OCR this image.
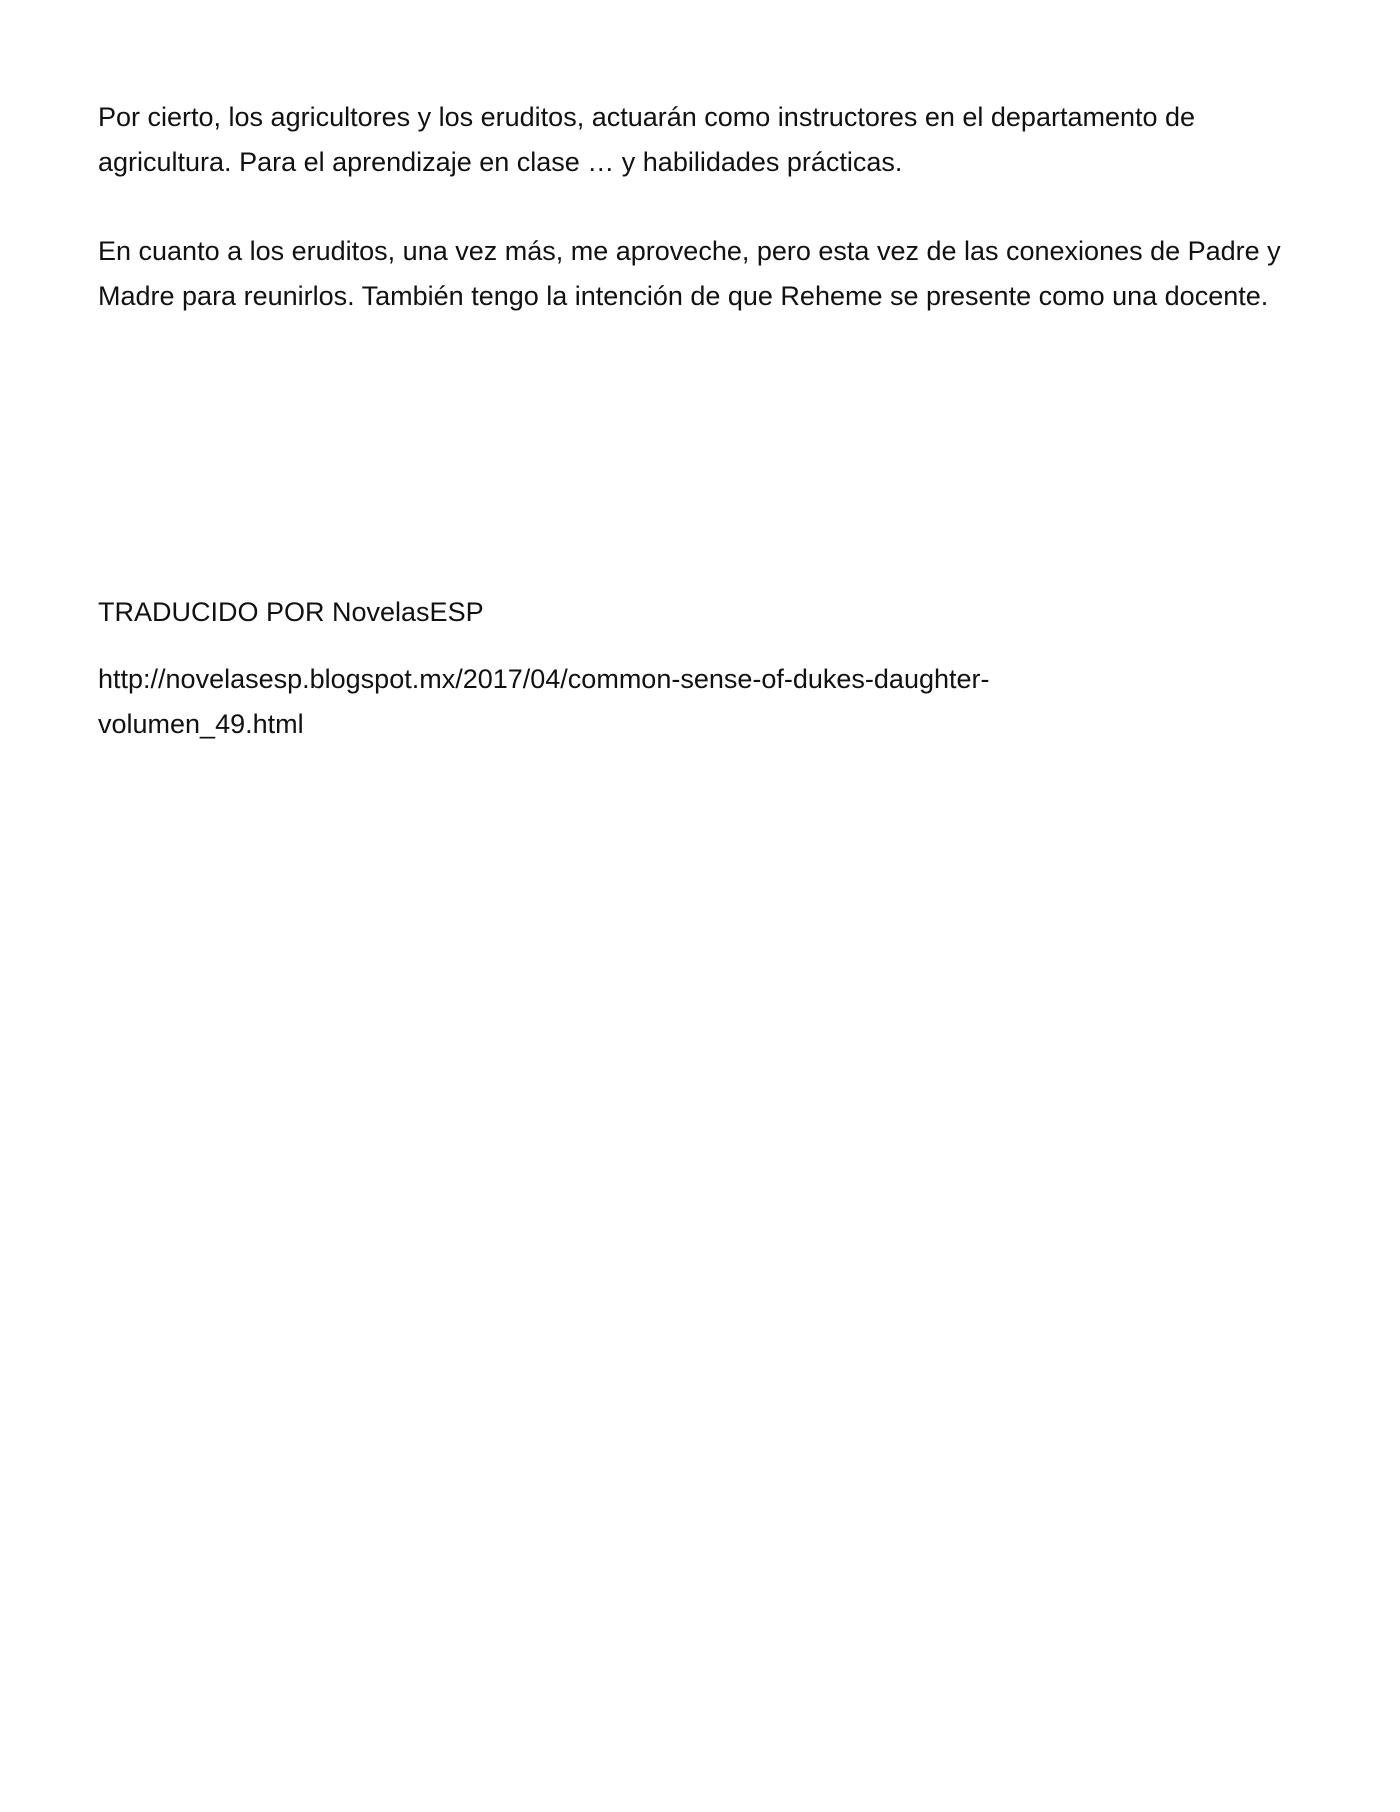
Por cierto, los agricultores y los eruditos, actuarán como instructores en el departamento de agricultura. Para el aprendizaje en clase … y habilidades prácticas.

En cuanto a los eruditos, una vez más, me aproveche, pero esta vez de las conexiones de Padre y Madre para reunirlos. También tengo la intención de que Reheme se presente como una docente.

TRADUCIDO POR NovelasESP

http://novelasesp.blogspot.mx/2017/04/common-sense-of-dukes-daughter-
volumen_49.html
